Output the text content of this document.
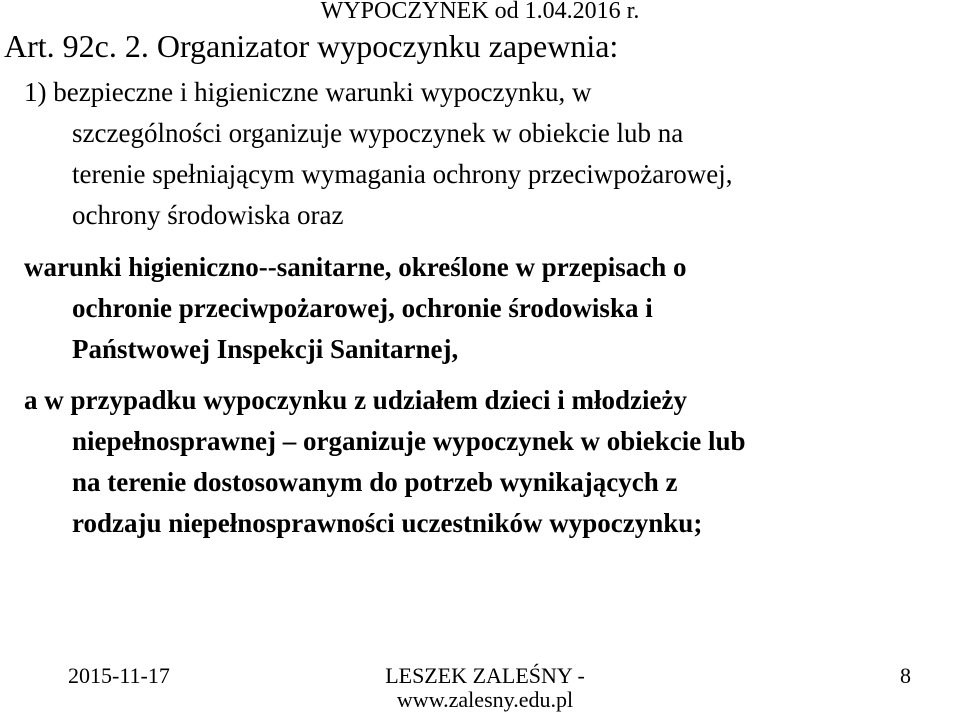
WYPOCZYNEK od 1.04.2016 r.
Art. 92c. 2. Organizator wypoczynku zapewnia:
1) bezpieczne i higieniczne warunki wypoczynku, w
szczególności organizuje wypoczynek w obiekcie lub na
terenie spełniającym wymagania ochrony przeciwpożarowej,
ochrony środowiska oraz
warunki higieniczno--sanitarne, określone w przepisach o
ochronie przeciwpożarowej, ochronie środowiska i
Państwowej Inspekcji Sanitarnej,
a w przypadku wypoczynku z udziałem dzieci i młodzieży
niepełnosprawnej – organizuje wypoczynek w obiekcie lub
na terenie dostosowanym do potrzeb wynikających z
rodzaju niepełnosprawności uczestników wypoczynku;
2015-11-17	LESZEK ZALEŚNY -
www.zalesny.edu.pl
8
